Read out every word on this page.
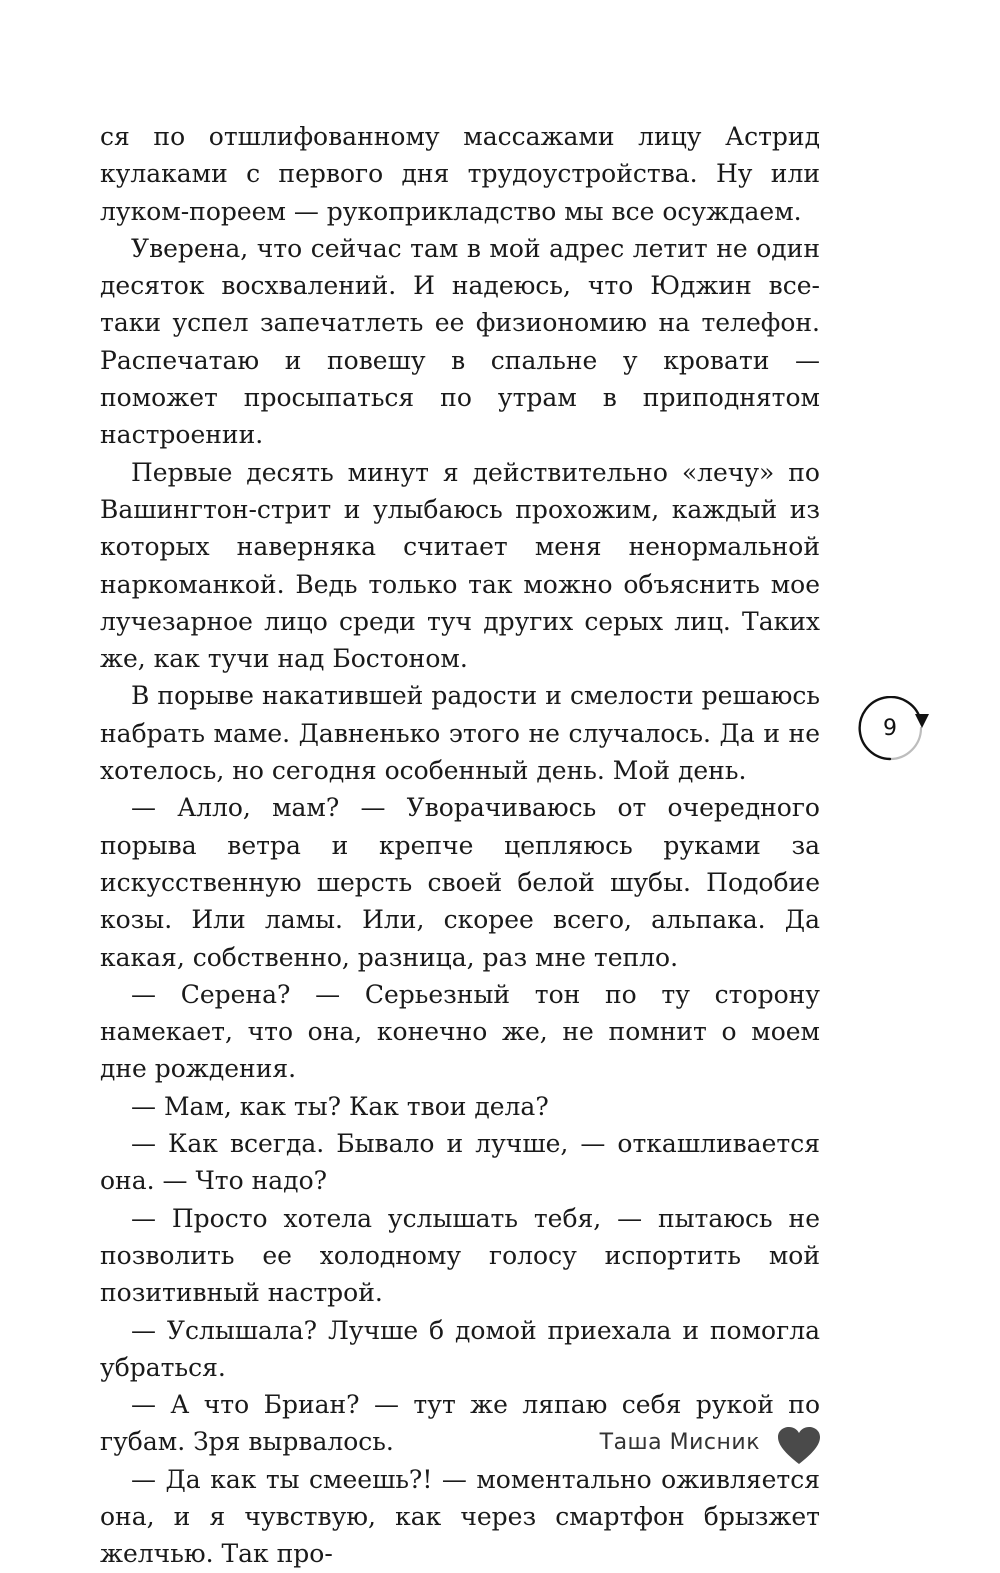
ся по отшлифованному массажами лицу Астрид кулаками с первого дня трудоустройства. Ну или луком-пореем — рукоприкладство мы все осуждаем.

Уверена, что сейчас там в мой адрес летит не один десяток восхвалений. И надеюсь, что Юджин все-таки успел запечатлеть ее физиономию на телефон. Распечатаю и повешу в спальне у кровати — поможет просыпаться по утрам в приподнятом настроении.

Первые десять минут я действительно «лечу» по Вашингтон-стрит и улыбаюсь прохожим, каждый из которых наверняка считает меня ненормальной наркоманкой. Ведь только так можно объяснить мое лучезарное лицо среди туч других серых лиц. Таких же, как тучи над Бостоном.

В порыве накатившей радости и смелости решаюсь набрать маме. Давненько этого не случалось. Да и не хотелось, но сегодня особенный день. Мой день.

— Алло, мам? — Уворачиваюсь от очередного порыва ветра и крепче цепляюсь руками за искусственную шерсть своей белой шубы. Подобие козы. Или ламы. Или, скорее всего, альпака. Да какая, собственно, разница, раз мне тепло.

— Серена? — Серьезный тон по ту сторону намекает, что она, конечно же, не помнит о моем дне рождения.

— Мам, как ты? Как твои дела?

— Как всегда. Бывало и лучше, — откашливается она. — Что надо?

— Просто хотела услышать тебя, — пытаюсь не позволить ее холодному голосу испортить мой позитивный настрой.

— Услышала? Лучше б домой приехала и помогла убраться.

— А что Бриан? — тут же ляпаю себя рукой по губам. Зря вырвалось.

— Да как ты смеешь?! — моментально оживляется она, и я чувствую, как через смартфон брызжет желчью. Так про-

9
Таша Мисник
